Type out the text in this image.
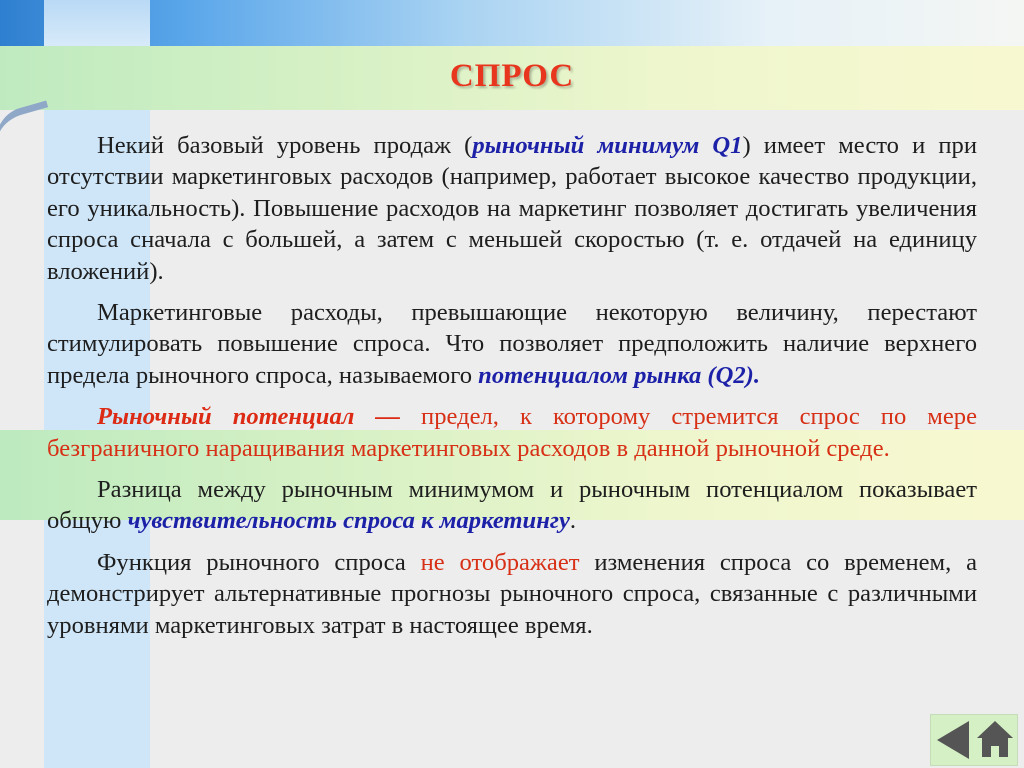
СПРОС

Некий базовый уровень продаж (рыночный минимум Q1) имеет место и при отсутствии маркетинговых расходов (например, работает высокое качество продукции, его уникальность). Повышение расходов на маркетинг позволяет достигать увеличения спроса сначала с большей, а затем с меньшей скоростью (т. е. отдачей на единицу вложений).

Маркетинговые расходы, превышающие некоторую величину, перестают стимулировать повышение спроса. Что позволяет предположить наличие верхнего предела рыночного спроса, называемого потенциалом рынка (Q2).

Рыночный потенциал — предел, к которому стремится спрос по мере безграничного наращивания маркетинговых расходов в данной рыночной среде.

Разница между рыночным минимумом и рыночным потенциалом показывает общую чувствительность спроса к маркетингу.

Функция рыночного спроса не отображает изменения спроса со временем, а демонстрирует альтернативные прогнозы рыночного спроса, связанные с различными уровнями маркетинговых затрат в настоящее время.
